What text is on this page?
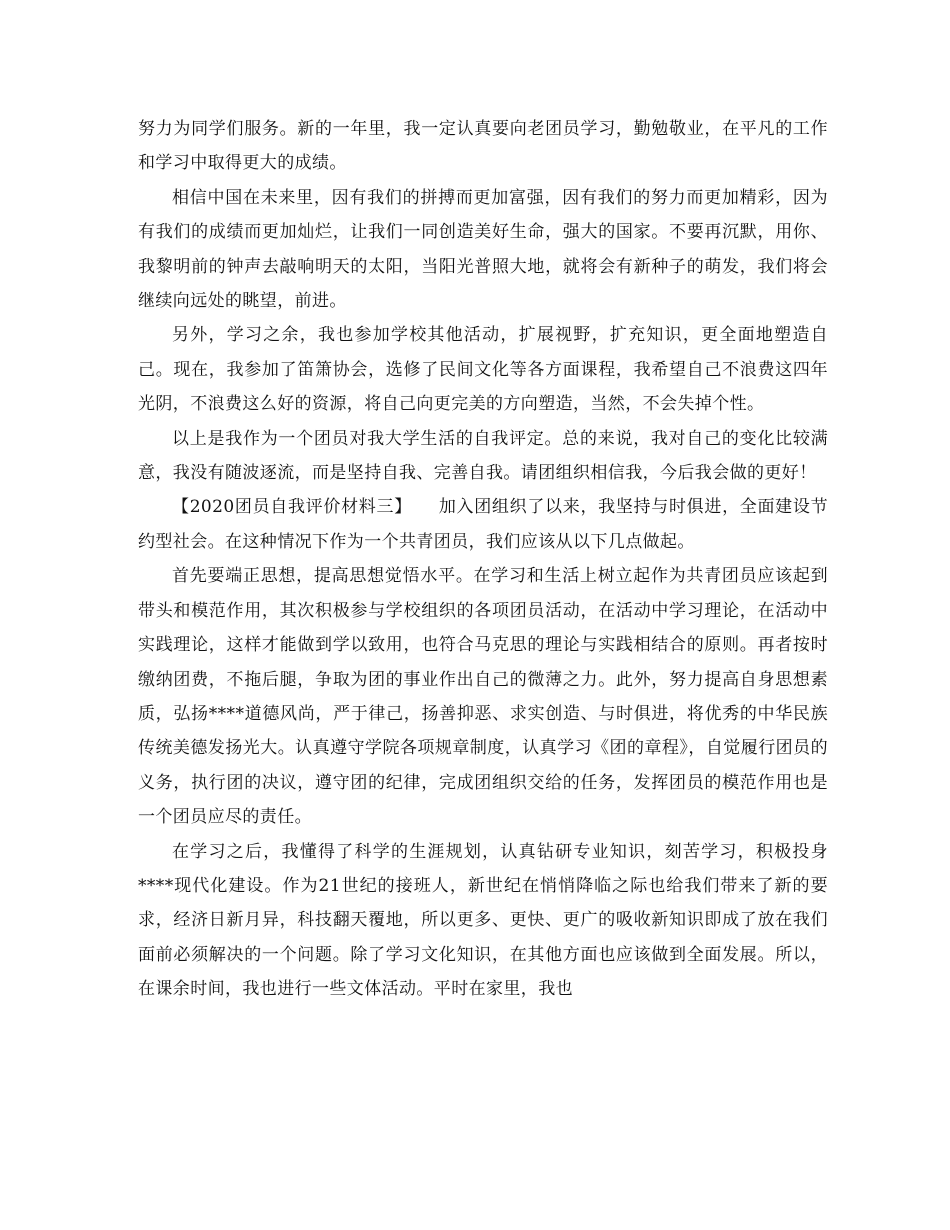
努力为同学们服务。新的一年里，我一定认真要向老团员学习，勤勉敬业，在平凡的工作和学习中取得更大的成绩。

相信中国在未来里，因有我们的拼搏而更加富强，因有我们的努力而更加精彩，因为有我们的成绩而更加灿烂，让我们一同创造美好生命，强大的国家。不要再沉默，用你、我黎明前的钟声去敲响明天的太阳，当阳光普照大地，就将会有新种子的萌发，我们将会继续向远处的眺望，前进。

另外，学习之余，我也参加学校其他活动，扩展视野，扩充知识，更全面地塑造自己。现在，我参加了笛箫协会，选修了民间文化等各方面课程，我希望自己不浪费这四年光阴，不浪费这么好的资源，将自己向更完美的方向塑造，当然，不会失掉个性。

以上是我作为一个团员对我大学生活的自我评定。总的来说，我对自己的变化比较满意，我没有随波逐流，而是坚持自我、完善自我。请团组织相信我，今后我会做的更好！

【2020团员自我评价材料三】　　加入团组织了以来，我坚持与时俱进，全面建设节约型社会。在这种情况下作为一个共青团员，我们应该从以下几点做起。

首先要端正思想，提高思想觉悟水平。在学习和生活上树立起作为共青团员应该起到带头和模范作用，其次积极参与学校组织的各项团员活动，在活动中学习理论，在活动中实践理论，这样才能做到学以致用，也符合马克思的理论与实践相结合的原则。再者按时缴纳团费，不拖后腿，争取为团的事业作出自己的微薄之力。此外，努力提高自身思想素质，弘扬****道德风尚，严于律己，扬善抑恶、求实创造、与时俱进，将优秀的中华民族传统美德发扬光大。认真遵守学院各项规章制度，认真学习《团的章程》，自觉履行团员的义务，执行团的决议，遵守团的纪律，完成团组织交给的任务，发挥团员的模范作用也是一个团员应尽的责任。

在学习之后，我懂得了科学的生涯规划，认真钻研专业知识，刻苦学习，积极投身****现代化建设。作为21世纪的接班人，新世纪在悄悄降临之际也给我们带来了新的要求，经济日新月异，科技翻天覆地，所以更多、更快、更广的吸收新知识即成了放在我们面前必须解决的一个问题。除了学习文化知识，在其他方面也应该做到全面发展。所以，在课余时间，我也进行一些文体活动。平时在家里，我也
